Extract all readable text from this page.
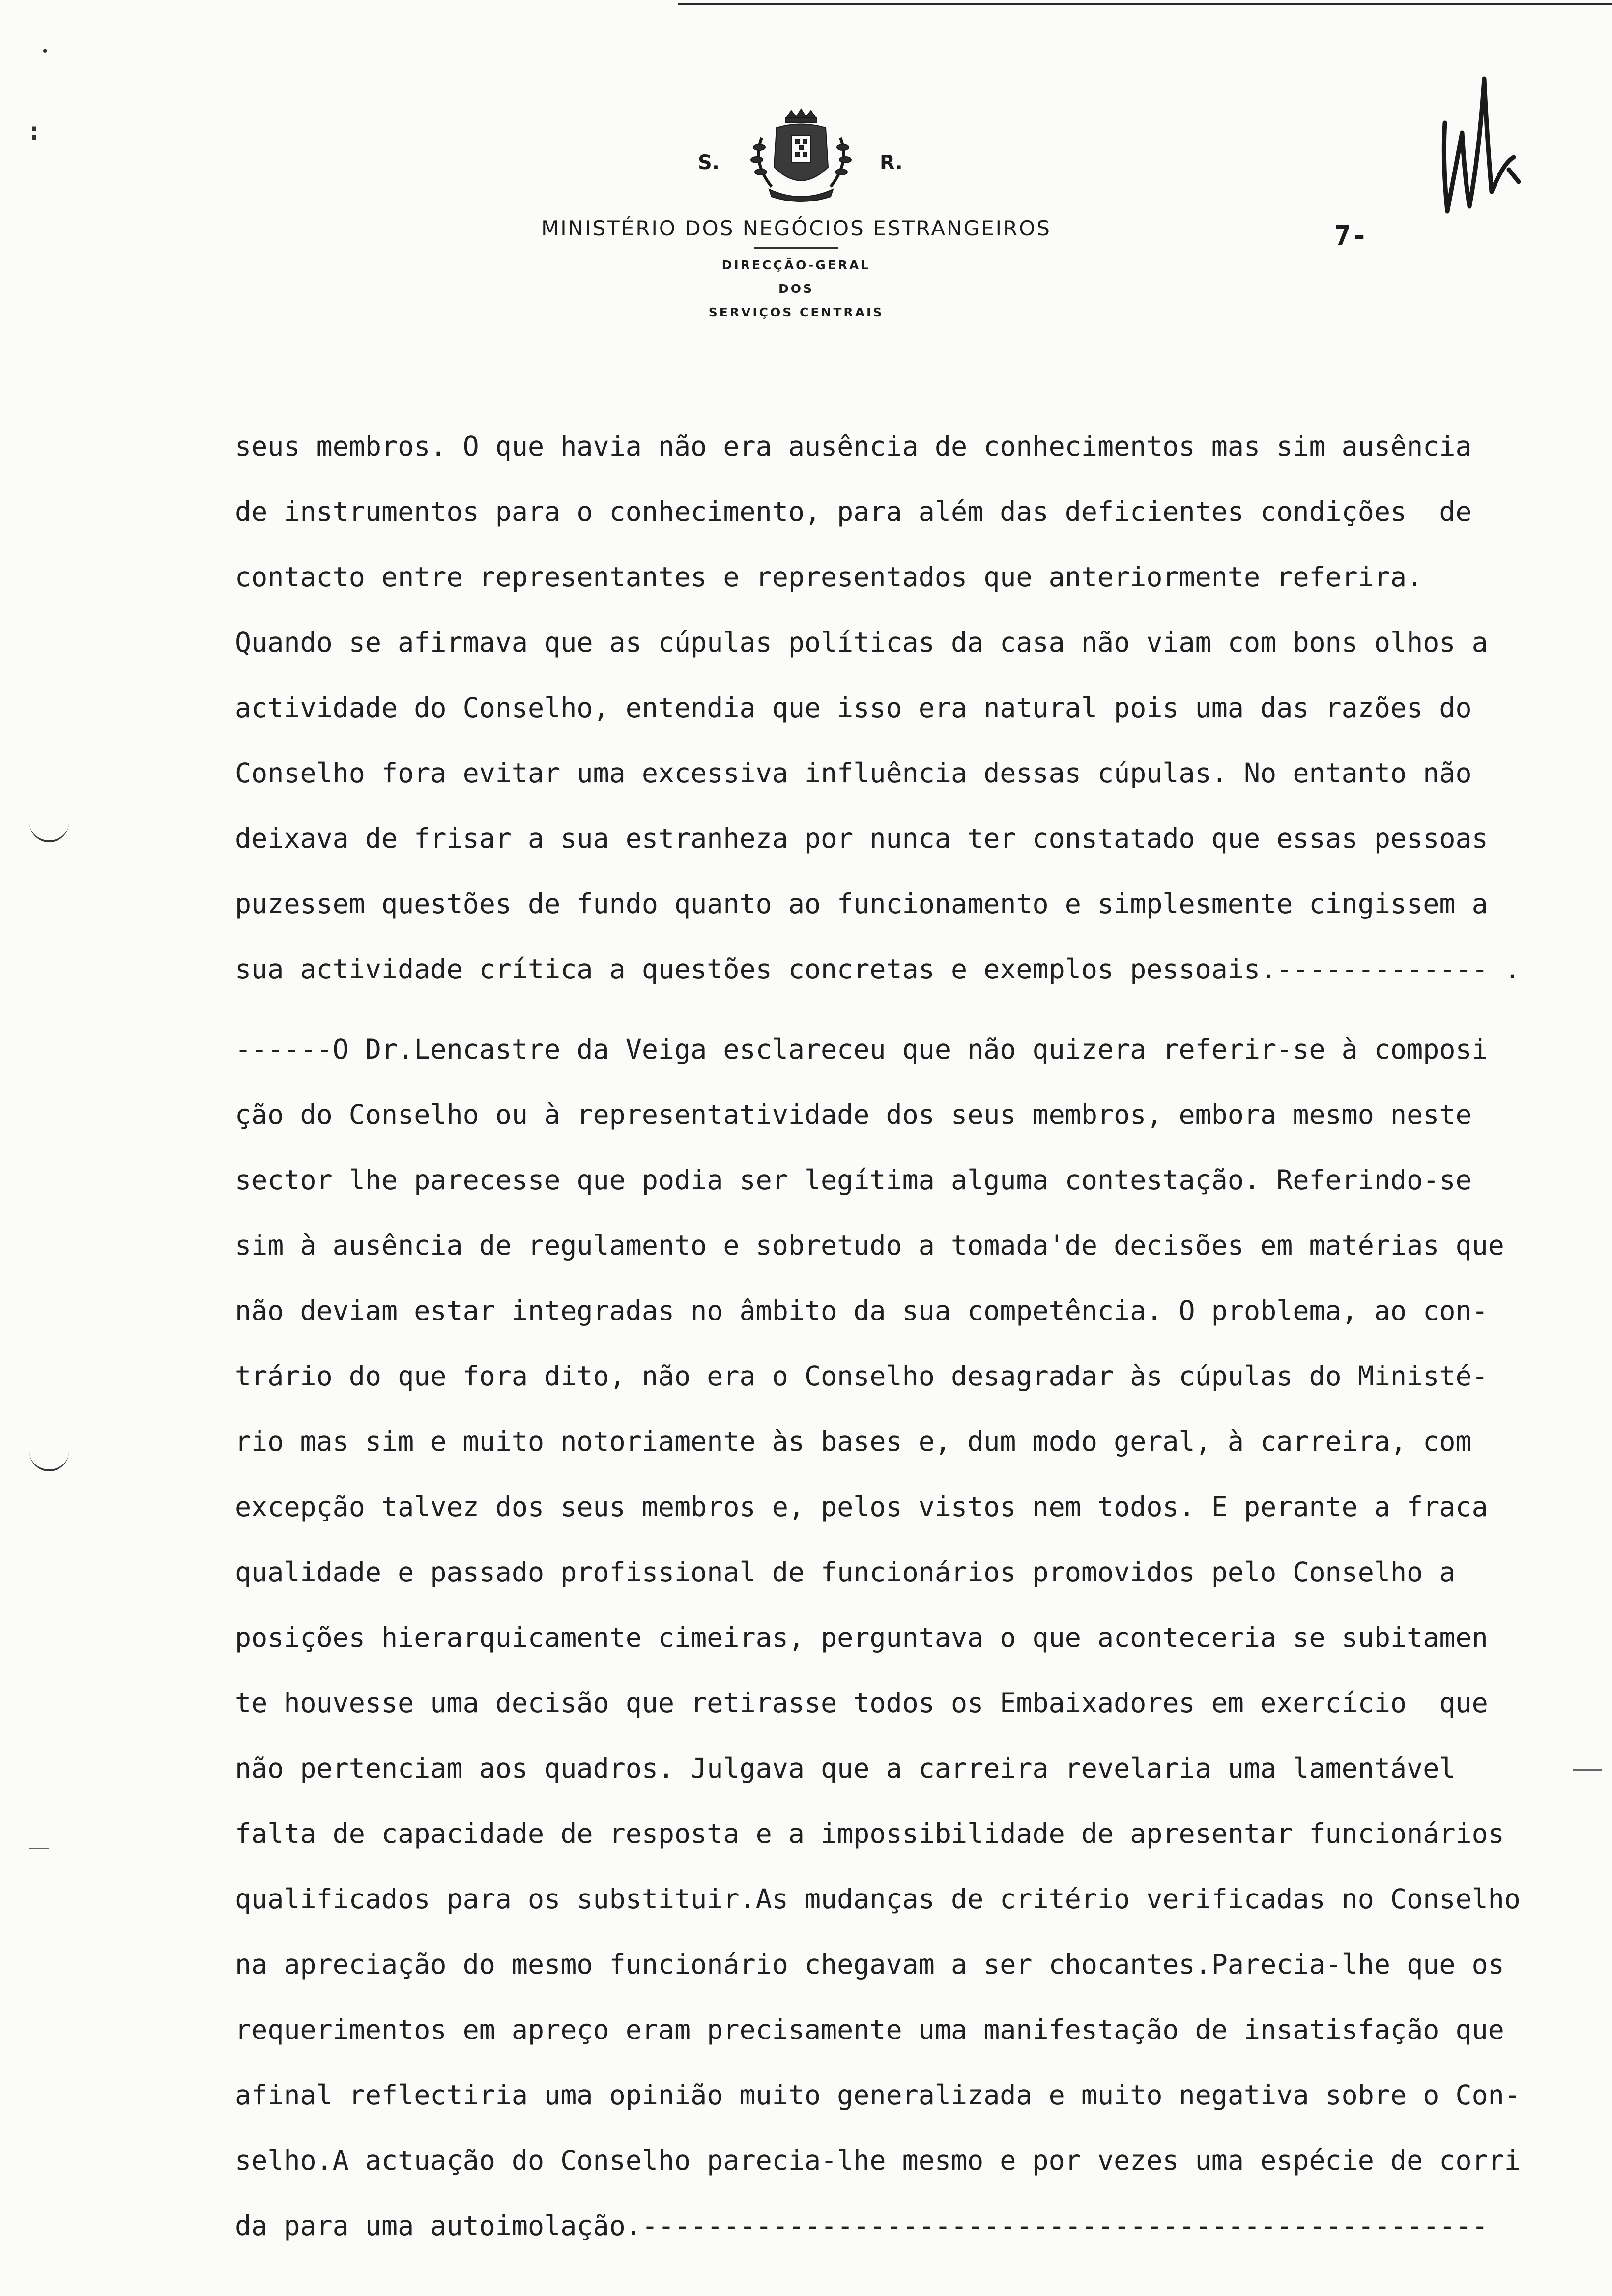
S.	R.
MINISTÉRIO DOS NEGÓCIOS ESTRANGEIROS
DIRECÇÃO-GERAL
DOS
SERVIÇOS CENTRAIS
7-
•
:
seus membros. O que havia não era ausência de conhecimentos mas sim ausência
de instrumentos para o conhecimento, para além das deficientes condições  de
contacto entre representantes e representados que anteriormente referira.
Quando se afirmava que as cúpulas políticas da casa não viam com bons olhos a
actividade do Conselho, entendia que isso era natural pois uma das razões do
Conselho fora evitar uma excessiva influência dessas cúpulas. No entanto não
deixava de frisar a sua estranheza por nunca ter constatado que essas pessoas
puzessem questões de fundo quanto ao funcionamento e simplesmente cingissem a
sua actividade crítica a questões concretas e exemplos pessoais.------------- .
------O Dr.Lencastre da Veiga esclareceu que não quizera referir-se à composi
ção do Conselho ou à representatividade dos seus membros, embora mesmo neste
sector lhe parecesse que podia ser legítima alguma contestação. Referindo-se
sim à ausência de regulamento e sobretudo a tomada'de decisões em matérias que
não deviam estar integradas no âmbito da sua competência. O problema, ao con-
trário do que fora dito, não era o Conselho desagradar às cúpulas do Ministé-
rio mas sim e muito notoriamente às bases e, dum modo geral, à carreira, com
excepção talvez dos seus membros e, pelos vistos nem todos. E perante a fraca
qualidade e passado profissional de funcionários promovidos pelo Conselho a
posições hierarquicamente cimeiras, perguntava o que aconteceria se subitamen
te houvesse uma decisão que retirasse todos os Embaixadores em exercício  que
não pertenciam aos quadros. Julgava que a carreira revelaria uma lamentável
falta de capacidade de resposta e a impossibilidade de apresentar funcionários
qualificados para os substituir.As mudanças de critério verificadas no Conselho
na apreciação do mesmo funcionário chegavam a ser chocantes.Parecia-lhe que os
requerimentos em apreço eram precisamente uma manifestação de insatisfação que
afinal reflectiria uma opinião muito generalizada e muito negativa sobre o Con-
selho.A actuação do Conselho parecia-lhe mesmo e por vezes uma espécie de corri
da para uma autoimolação.----------------------------------------------------
